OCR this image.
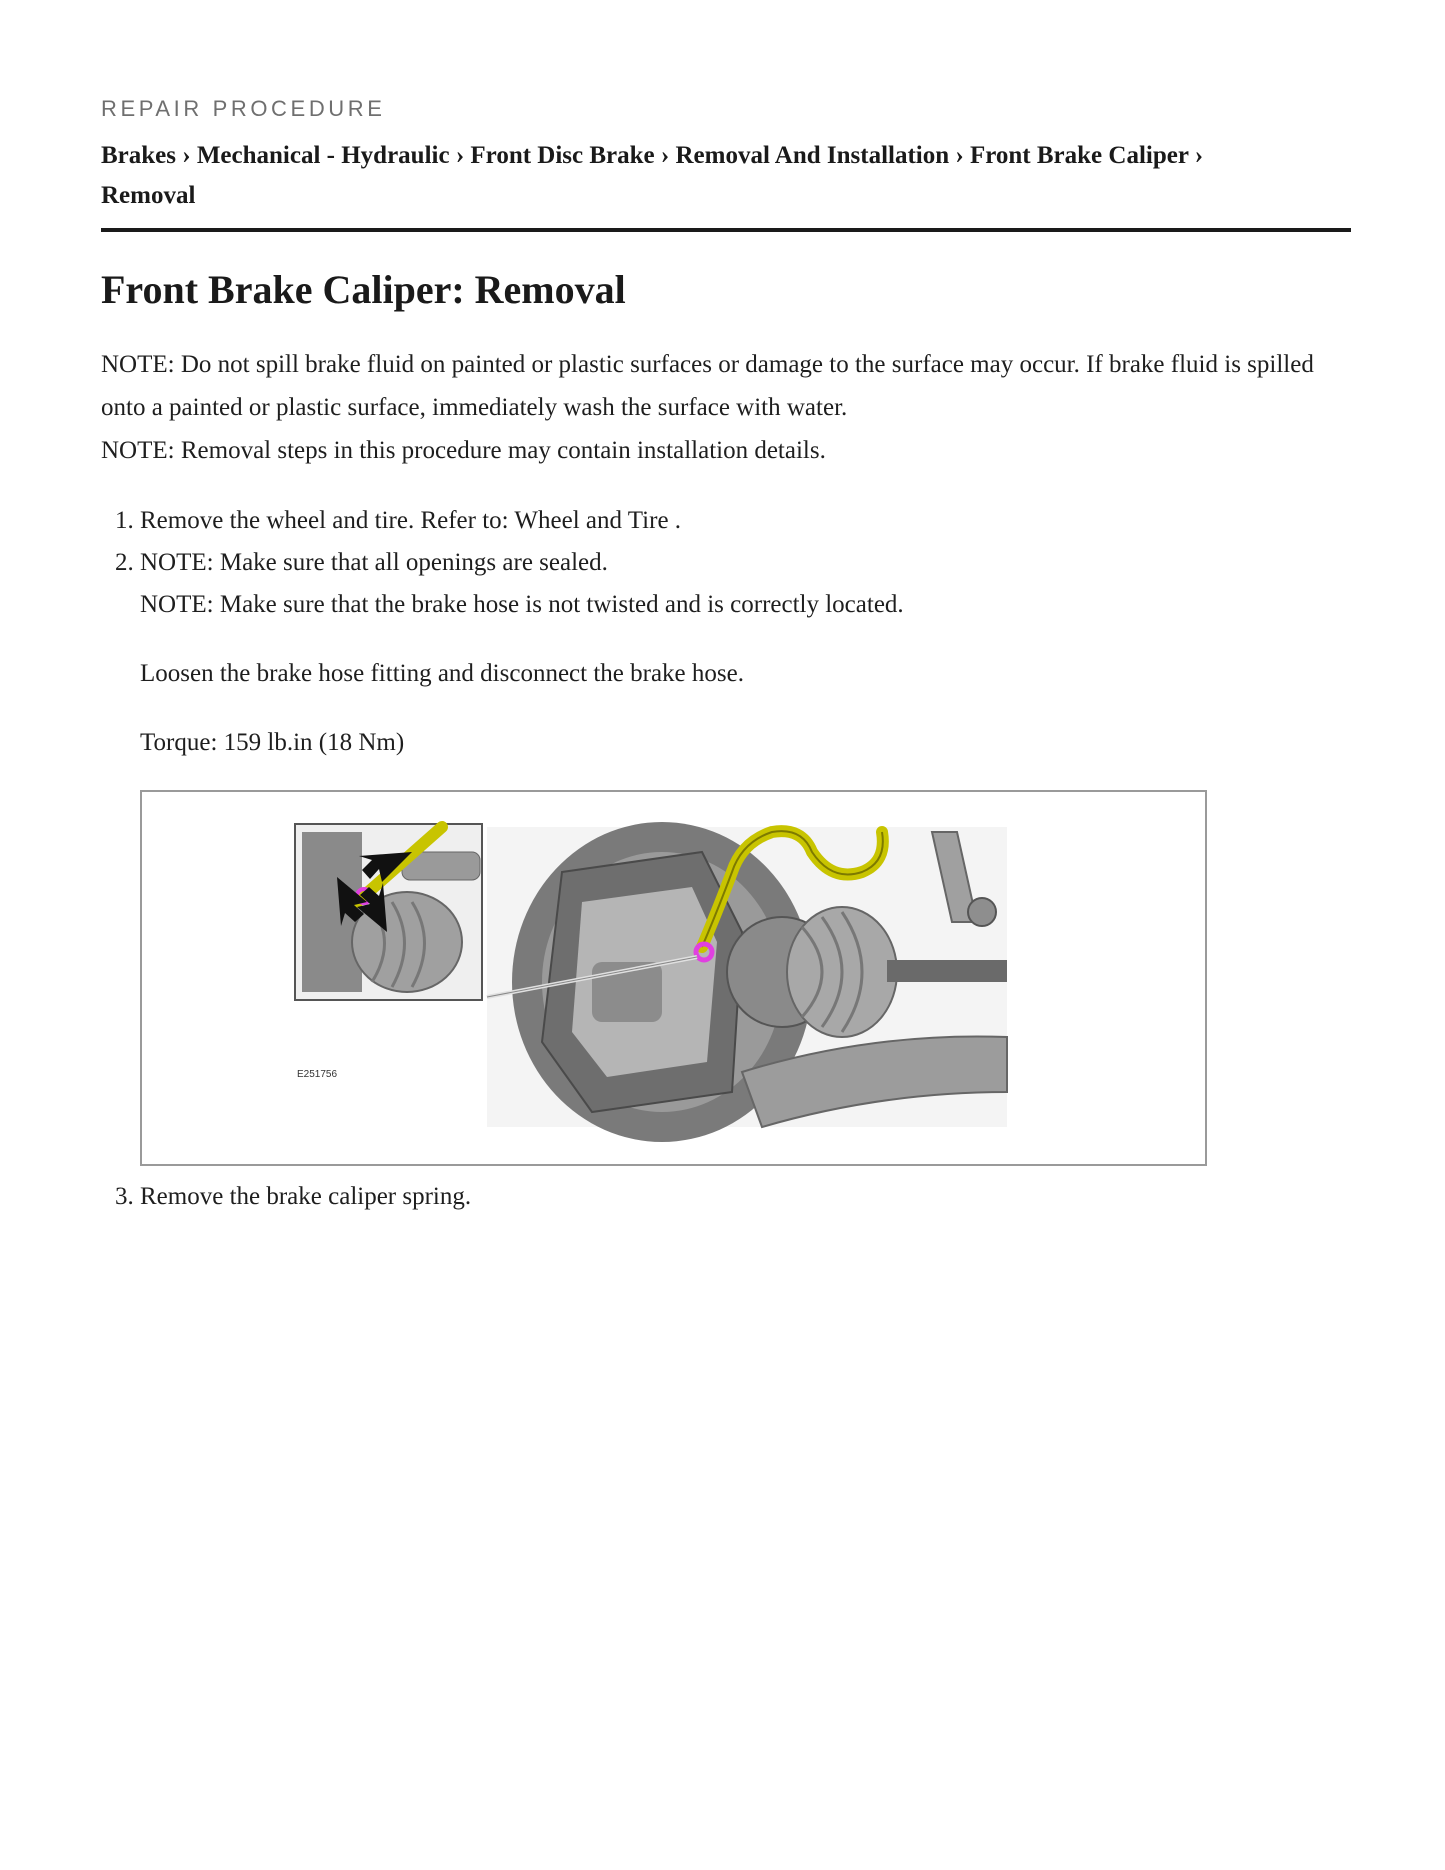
REPAIR PROCEDURE
Brakes › Mechanical - Hydraulic › Front Disc Brake › Removal And Installation › Front Brake Caliper ›
Removal
Front Brake Caliper: Removal

NOTE: Do not spill brake fluid on painted or plastic surfaces or damage to the surface may occur. If brake fluid is spilled onto a painted or plastic surface, immediately wash the surface with water.

NOTE: Removal steps in this procedure may contain installation details.

1. Remove the wheel and tire. Refer to: Wheel and Tire .

2. NOTE: Make sure that all openings are sealed.

NOTE: Make sure that the brake hose is not twisted and is correctly located.

Loosen the brake hose fitting and disconnect the brake hose.

Torque: 159 lb.in (18 Nm)

E251756
3. Remove the brake caliper spring.
